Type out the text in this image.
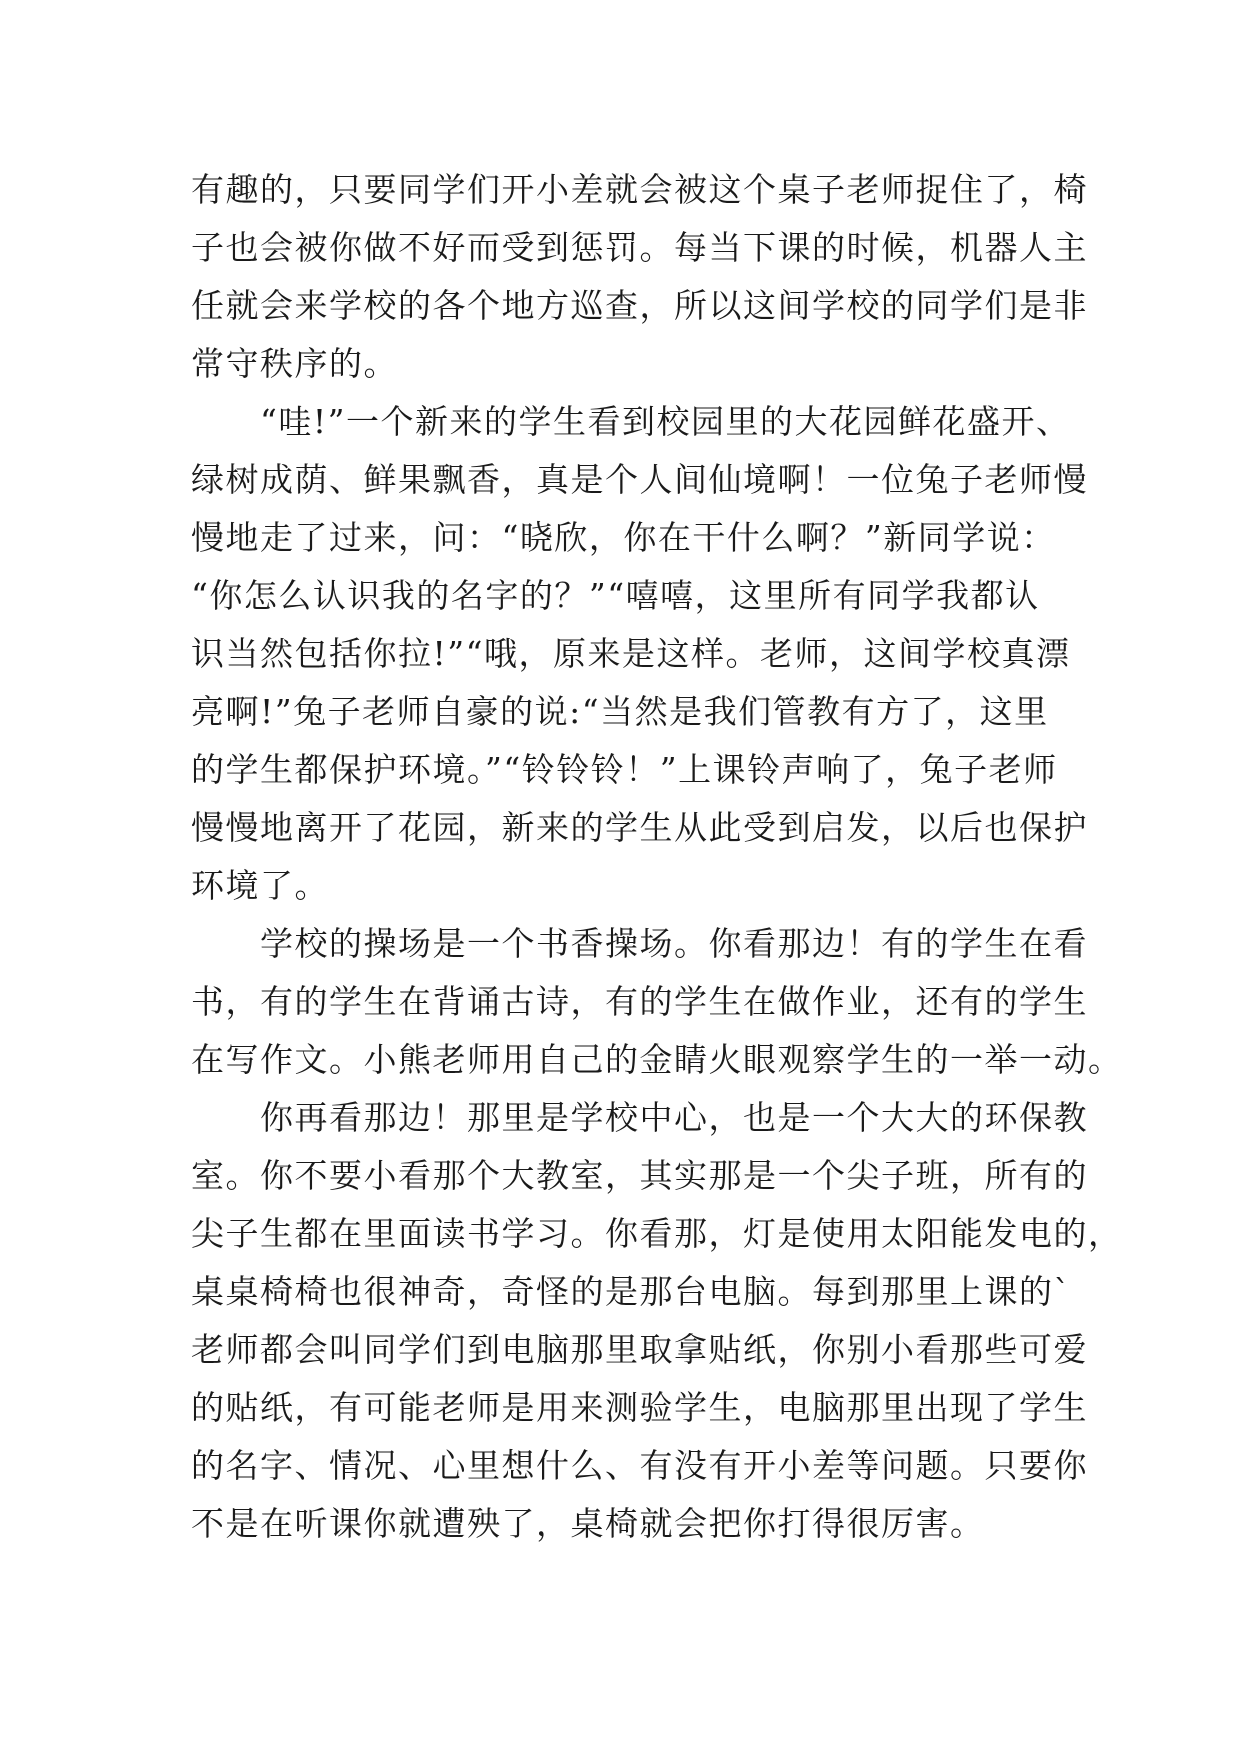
有趣的，只要同学们开小差就会被这个桌子老师捉住了，椅
子也会被你做不好而受到惩罚。每当下课的时候，机器人主
任就会来学校的各个地方巡查，所以这间学校的同学们是非
常守秩序的。
　　“哇!”一个新来的学生看到校园里的大花园鲜花盛开、
绿树成荫、鲜果飘香，真是个人间仙境啊！一位兔子老师慢
慢地走了过来，问：“晓欣，你在干什么啊？”新同学说：
“你怎么认识我的名字的？”“嘻嘻，这里所有同学我都认
识当然包括你拉!”“哦，原来是这样。老师，这间学校真漂
亮啊!”兔子老师自豪的说:“当然是我们管教有方了，这里
的学生都保护环境。”“铃铃铃！”上课铃声响了，兔子老师
慢慢地离开了花园，新来的学生从此受到启发，以后也保护
环境了。
　　学校的操场是一个书香操场。你看那边！有的学生在看
书，有的学生在背诵古诗，有的学生在做作业，还有的学生
在写作文。小熊老师用自己的金睛火眼观察学生的一举一动。
　　你再看那边！那里是学校中心，也是一个大大的环保教
室。你不要小看那个大教室，其实那是一个尖子班，所有的
尖子生都在里面读书学习。你看那，灯是使用太阳能发电的，
桌桌椅椅也很神奇，奇怪的是那台电脑。每到那里上课的`
老师都会叫同学们到电脑那里取拿贴纸，你别小看那些可爱
的贴纸，有可能老师是用来测验学生，电脑那里出现了学生
的名字、情况、心里想什么、有没有开小差等问题。只要你
不是在听课你就遭殃了，桌椅就会把你打得很厉害。
